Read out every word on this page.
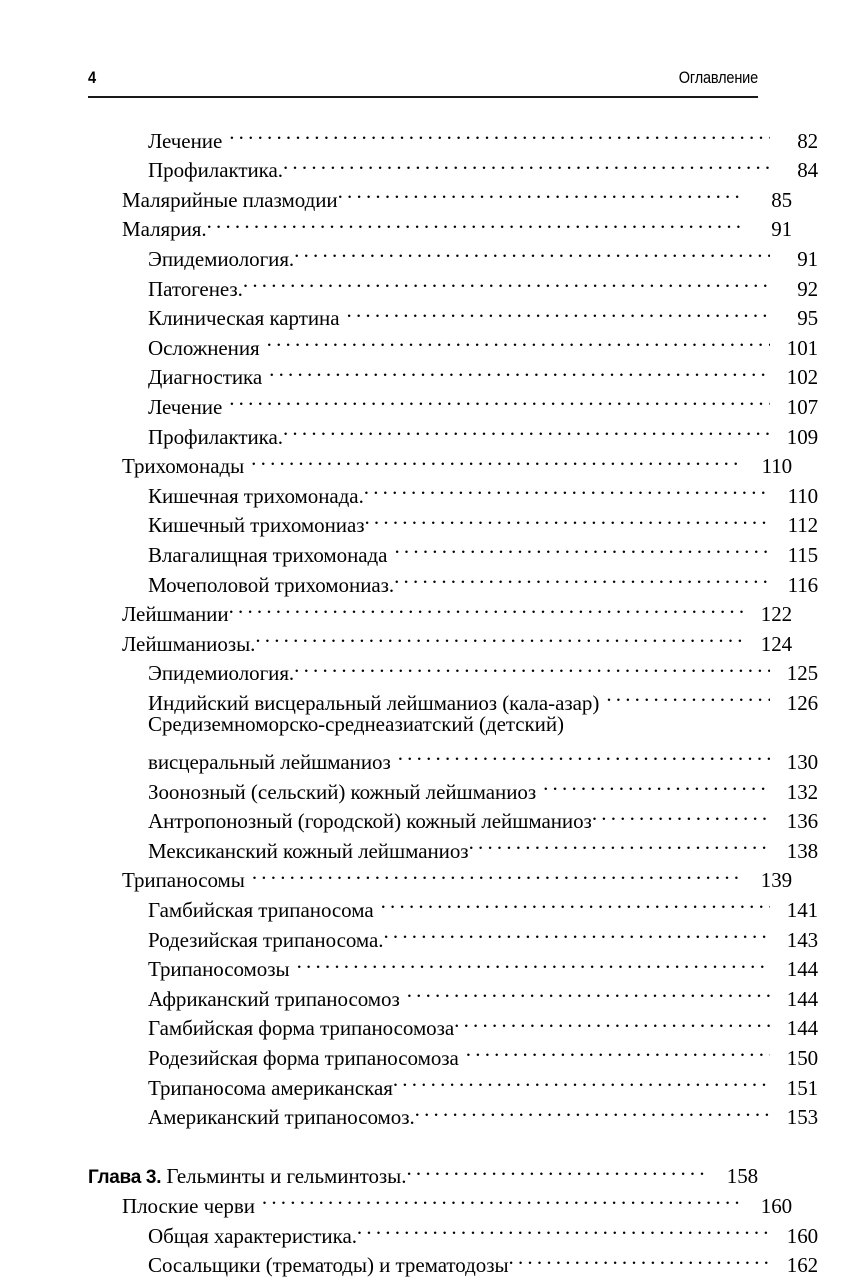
4	Оглавление
Лечение .....	82
Профилактика. .....	84
Малярийные плазмодии .....	85
Малярия. .....	91
Эпидемиология. .....	91
Патогенез. .....	92
Клиническая картина .....	95
Осложнения .....	101
Диагностика .....	102
Лечение .....	107
Профилактика. .....	109
Трихомонады .....	110
Кишечная трихомонада. .....	110
Кишечный трихомониаз .....	112
Влагалищная трихомонада .....	115
Мочеполовой трихомониаз. .....	116
Лейшмании .....	122
Лейшманиозы. .....	124
Эпидемиология. .....	125
Индийский висцеральный лейшманиоз (кала-азар) .....	126
Средиземноморско-среднеазиатский (детский)
висцеральный лейшманиоз .....	130
Зоонозный (сельский) кожный лейшманиоз .....	132
Антропонозный (городской) кожный лейшманиоз .....	136
Мексиканский кожный лейшманиоз .....	138
Трипаносомы .....	139
Гамбийская трипаносома .....	141
Родезийская трипаносома. .....	143
Трипаносомозы .....	144
Африканский трипаносомоз .....	144
Гамбийская форма трипаносомоза .....	144
Родезийская форма трипаносомоза .....	150
Трипаносома американская .....	151
Американский трипаносомоз. .....	153
Глава 3. Гельминты и гельминтозы. .....	158
Плоские черви .....	160
Общая характеристика. .....	160
Сосальщики (трематоды) и трематодозы .....	162
